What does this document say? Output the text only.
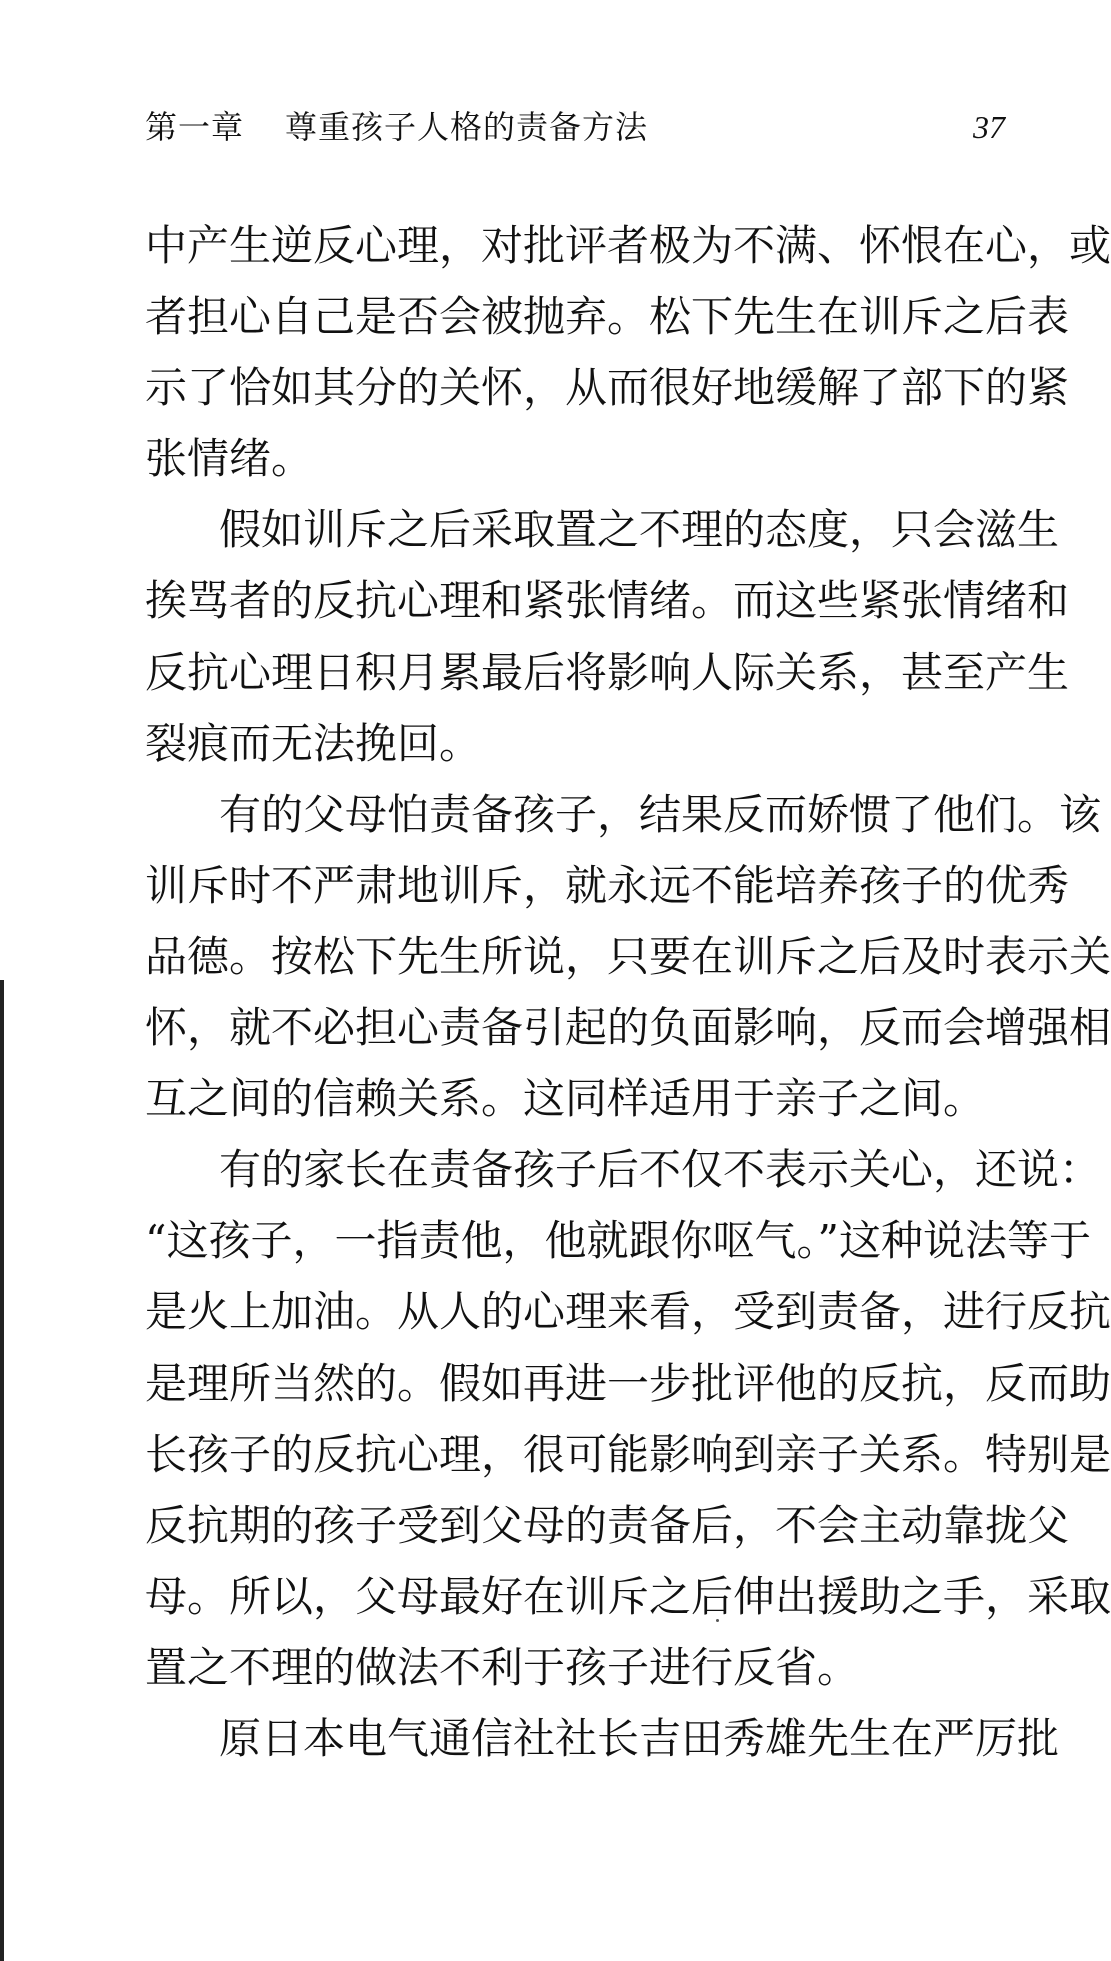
第一章 尊重孩子人格的责备方法	37
中产生逆反心理，对批评者极为不满、怀恨在心，或
者担心自己是否会被抛弃。松下先生在训斥之后表
示了恰如其分的关怀，从而很好地缓解了部下的紧
张情绪。
假如训斥之后采取置之不理的态度，只会滋生
挨骂者的反抗心理和紧张情绪。而这些紧张情绪和
反抗心理日积月累最后将影响人际关系，甚至产生
裂痕而无法挽回。
有的父母怕责备孩子，结果反而娇惯了他们。该
训斥时不严肃地训斥，就永远不能培养孩子的优秀
品德。按松下先生所说，只要在训斥之后及时表示关
怀，就不必担心责备引起的负面影响，反而会增强相
互之间的信赖关系。这同样适用于亲子之间。
有的家长在责备孩子后不仅不表示关心，还说：
“这孩子，一指责他，他就跟你呕气。”这种说法等于
是火上加油。从人的心理来看，受到责备，进行反抗
是理所当然的。假如再进一步批评他的反抗，反而助
长孩子的反抗心理，很可能影响到亲子关系。特别是
反抗期的孩子受到父母的责备后，不会主动靠拢父
母。所以，父母最好在训斥之后伸出援助之手，采取
置之不理的做法不利于孩子进行反省。
原日本电气通信社社长吉田秀雄先生在严厉批
